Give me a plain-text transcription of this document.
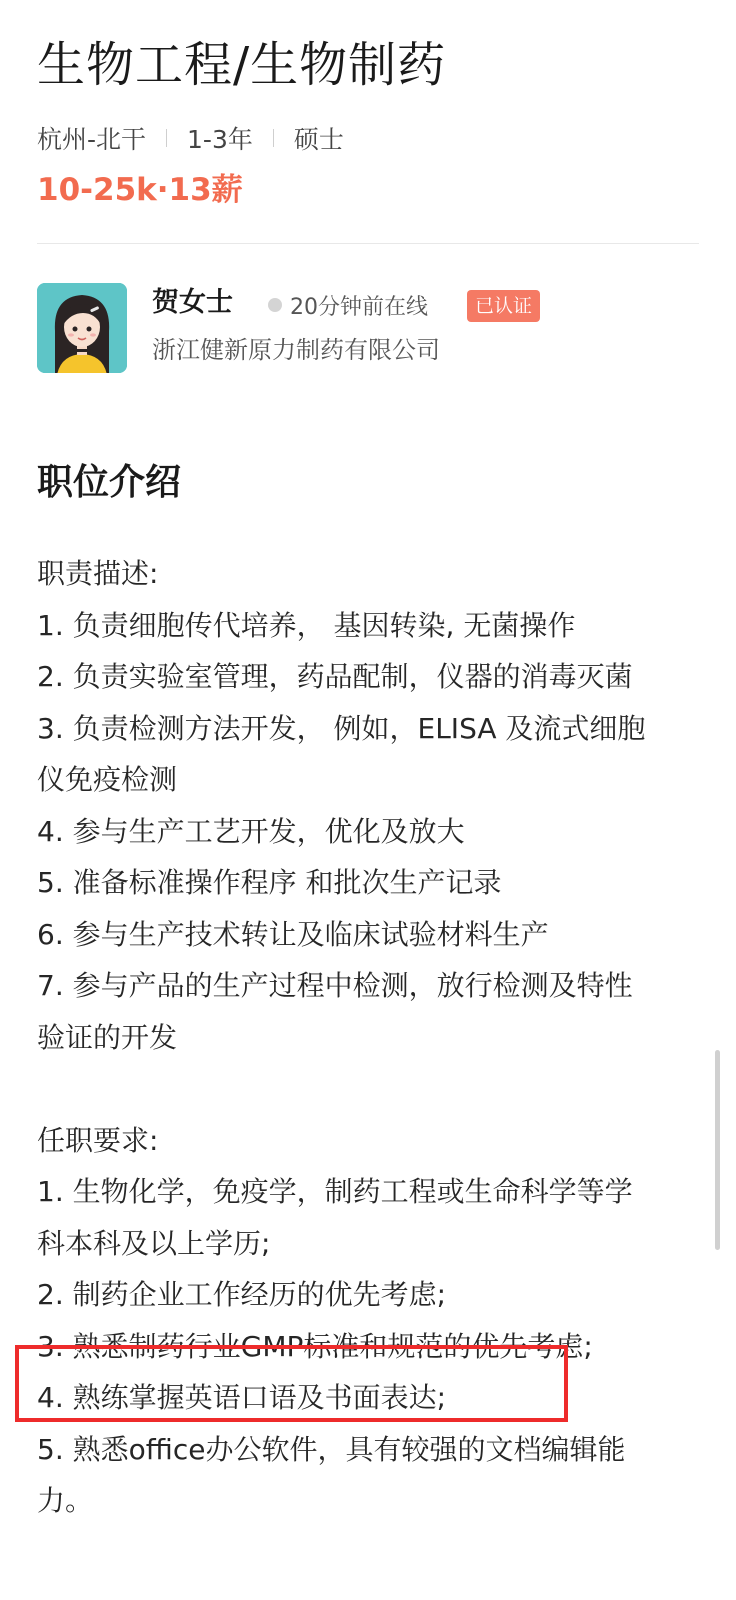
生物工程/生物制药
杭州-北干 1-3年 硕士
10-25k·13薪
贺女士	20分钟前在线	已认证
浙江健新原力制药有限公司
职位介绍
职责描述:
1. 负责细胞传代培养， 基因转染, 无菌操作
2. 负责实验室管理，药品配制，仪器的消毒灭菌
3. 负责检测方法开发， 例如，ELISA 及流式细胞
仪免疫检测
4. 参与生产工艺开发，优化及放大
5. 准备标准操作程序 和批次生产记录
6. 参与生产技术转让及临床试验材料生产
7. 参与产品的生产过程中检测，放行检测及特性
验证的开发
任职要求:
1. 生物化学，免疫学，制药工程或生命科学等学
科本科及以上学历;
2. 制药企业工作经历的优先考虑;
3. 熟悉制药行业GMP标准和规范的优先考虑;
4. 熟练掌握英语口语及书面表达;
5. 熟悉office办公软件，具有较强的文档编辑能
力。
